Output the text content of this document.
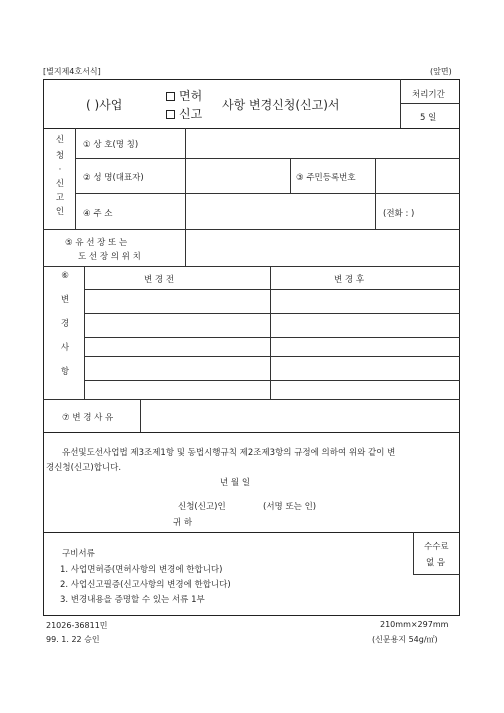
[별지제4호서식]	(앞면)
( )사업
면허
신고
사항 변경신청(신고)서
처리기간
5 일
신
청
·
신
고
인
① 상 호(명 칭)
② 성 명(대표자)	③ 주민등록번호
④ 주 소	(전화 : )
⑤ 유 선 장 또 는
도 선 장 의 위 치
⑥
변
경
사
항
변 경 전	변 경 후
⑦ 변 경 사 유
유선및도선사업법 제3조제1항 및 동법시행규칙 제2조제3항의 규정에 의하여 위와 같이 변
경신청(신고)합니다.
년 월 일
신청(신고)인	(서명 또는 인)
귀 하
수수료
없 음
구비서류
1. 사업면허증(면허사항의 변경에 한합니다)
2. 사업신고필증(신고사항의 변경에 한합니다)
3. 변경내용을 증명할 수 있는 서류 1부
21026-36811민
99. 1. 22 승인
210mm×297mm
(신문용지 54g/㎡)
